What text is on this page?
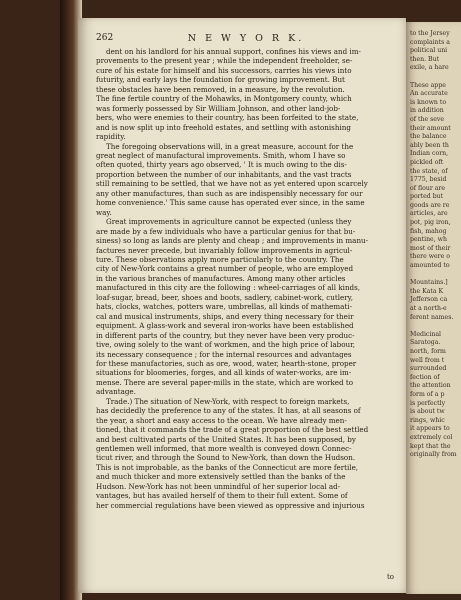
to the Jersey
complaints a
political uni
then. But
exile, a hare

These appe
An accurate
is known to
in addition
of the seve
their amount
the balance
ably been th
Indian corn,
pickled oft
the state, of
1775, besid
of flour are
ported but
goods are re
articles, are
pot, pig iron,
fish, mahog
pentine, wh
most of their
there were o
amounted to

Mountains.]
the Kata K
Jefferson ca
at a north-e
ferent names.

Medicinal
Saratoga.
north, form
well from t
surrounded
fection of
the attention
form of a p
is perfectly
is about tw
rings, whic
it appears to
extremely col
kept that the
originally from
262	N E W Y O R K.
dent on his landlord for his annual support, confines his views and im-
provements to the present year ; while the independent freeholder, se-
cure of his estate for himself and his successors, carries his views into
futurity, and early lays the foundation for growing improvement. But
these obstacles have been removed, in a measure, by the revolution.
The fine fertile country of the Mohawks, in Montgomery county, which
was formerly possessed by Sir William Johnson, and other land-job-
bers, who were enemies to their country, has been forfeited to the state,
and is now split up into freehold estates, and settling with astonishing
rapidity.
The foregoing observations will, in a great measure, account for the
great neglect of manufactural improvements. Smith, whom I have so
often quoted, thirty years ago observed, ' It is much owing to the dis-
proportion between the number of our inhabitants, and the vast tracts
still remaining to be settled, that we have not as yet entered upon scarcely
any other manufactures, than such as are indispensibly necessary for our
home convenience.' This same cause has operated ever since, in the same
way.
Great improvements in agriculture cannot be expected (unless they
are made by a few individuals who have a particular genius for that bu-
siness) so long as lands are plenty and cheap ; and improvements in manu-
factures never precede, but invariably follow improvements in agricul-
ture. These observations apply more particularly to the country. The
city of New-York contains a great number of people, who are employed
in the various branches of manufactures. Among many other articles
manufactured in this city are the following : wheel-carriages of all kinds,
loaf-sugar, bread, beer, shoes and boots, sadlery, cabinet-work, cutlery,
hats, clocks, watches, potters ware, umbrellas, all kinds of mathemati-
cal and musical instruments, ships, and every thing necessary for their
equipment. A glass-work and several iron-works have been established
in different parts of the country, but they never have been very produc-
tive, owing solely to the want of workmen, and the high price of labour,
its necessary consequence ; for the internal resources and advantages
for these manufactories, such as ore, wood, water, hearth-stone, proper
situations for bloomeries, forges, and all kinds of water-works, are im-
mense. There are several paper-mills in the state, which are worked to
advantage.
Trade.) The situation of New-York, with respect to foreign markets,
has decidedly the preference to any of the states. It has, at all seasons of
the year, a short and easy access to the ocean. We have already men-
tioned, that it commands the trade of a great proportion of the best settled
and best cultivated parts of the United States. It has been supposed, by
gentlemen well informed, that more wealth is conveyed down Connec-
ticut river, and through the Sound to New-York, than down the Hudson.
This is not improbable, as the banks of the Connecticut are more fertile,
and much thicker and more extensively settled than the banks of the
Hudson. New-York has not been unmindful of her superior local ad-
vantages, but has availed herself of them to their full extent. Some of
her commercial regulations have been viewed as oppressive and injurious
to
